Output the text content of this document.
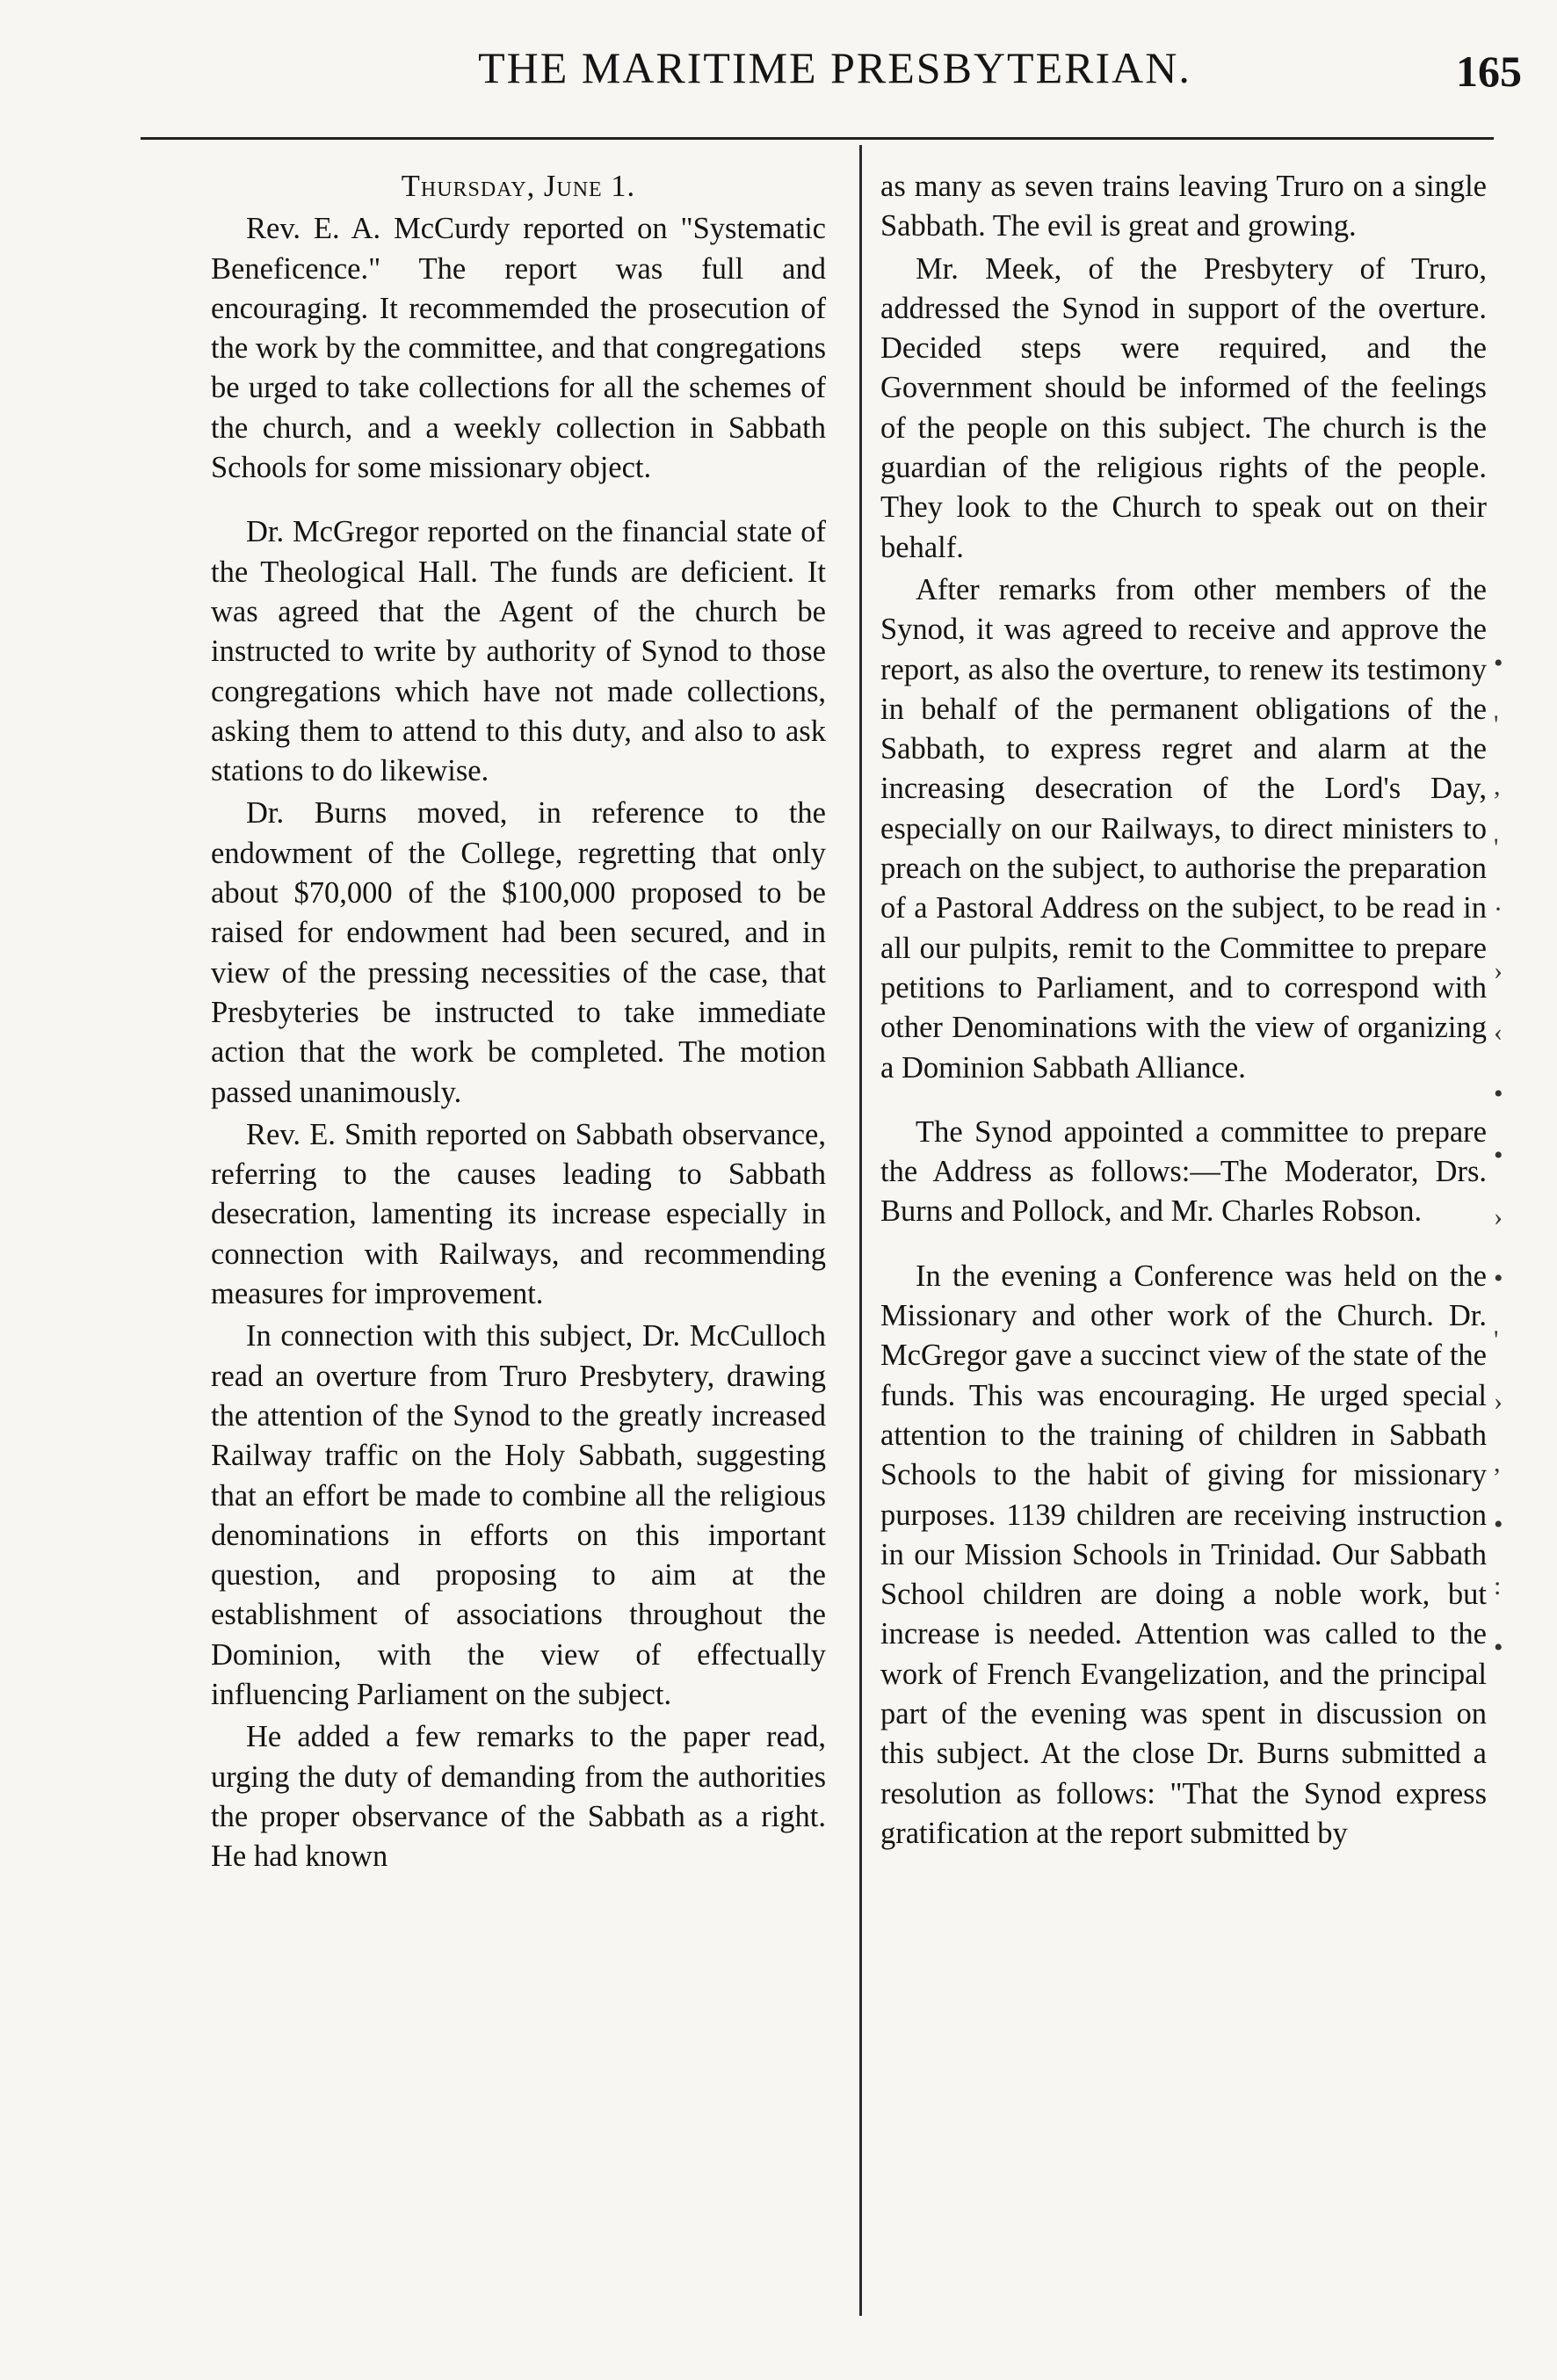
THE MARITIME PRESBYTERIAN.	165

Thursday, June 1.

Rev. E. A. McCurdy reported on "Systematic Beneficence." The report was full and encouraging. It recommemded the prosecution of the work by the committee, and that congregations be urged to take collections for all the schemes of the church, and a weekly collection in Sabbath Schools for some missionary object.

Dr. McGregor reported on the financial state of the Theological Hall. The funds are deficient. It was agreed that the Agent of the church be instructed to write by authority of Synod to those congregations which have not made collections, asking them to attend to this duty, and also to ask stations to do likewise.

Dr. Burns moved, in reference to the endowment of the College, regretting that only about $70,000 of the $100,000 proposed to be raised for endowment had been secured, and in view of the pressing necessities of the case, that Presbyteries be instructed to take immediate action that the work be completed. The motion passed unanimously.

Rev. E. Smith reported on Sabbath observance, referring to the causes leading to Sabbath desecration, lamenting its increase especially in connection with Railways, and recommending measures for improvement.

In connection with this subject, Dr. McCulloch read an overture from Truro Presbytery, drawing the attention of the Synod to the greatly increased Railway traffic on the Holy Sabbath, suggesting that an effort be made to combine all the religious denominations in efforts on this important question, and proposing to aim at the establishment of associations throughout the Dominion, with the view of effectually influencing Parliament on the subject.

He added a few remarks to the paper read, urging the duty of demanding from the authorities the proper observance of the Sabbath as a right. He had known

as many as seven trains leaving Truro on a single Sabbath. The evil is great and growing.

Mr. Meek, of the Presbytery of Truro, addressed the Synod in support of the overture. Decided steps were required, and the Government should be informed of the feelings of the people on this subject. The church is the guardian of the religious rights of the people. They look to the Church to speak out on their behalf.

After remarks from other members of the Synod, it was agreed to receive and approve the report, as also the overture, to renew its testimony in behalf of the permanent obligations of the Sabbath, to express regret and alarm at the increasing desecration of the Lord's Day, especially on our Railways, to direct ministers to preach on the subject, to authorise the preparation of a Pastoral Address on the subject, to be read in all our pulpits, remit to the Committee to prepare petitions to Parliament, and to correspond with other Denominations with the view of organizing a Dominion Sabbath Alliance.

The Synod appointed a committee to prepare the Address as follows:—The Moderator, Drs. Burns and Pollock, and Mr. Charles Robson.

In the evening a Conference was held on the Missionary and other work of the Church. Dr. McGregor gave a succinct view of the state of the funds. This was encouraging. He urged special attention to the training of children in Sabbath Schools to the habit of giving for missionary purposes. 1139 children are receiving instruction in our Mission Schools in Trinidad. Our Sabbath School children are doing a noble work, but increase is needed. Attention was called to the work of French Evangelization, and the principal part of the evening was spent in discussion on this subject. At the close Dr. Burns submitted a resolution as follows: "That the Synod express gratification at the report submitted by

•
'
,
'
·
›
‹
•
•
›
•
'
›
,
•
:
•
